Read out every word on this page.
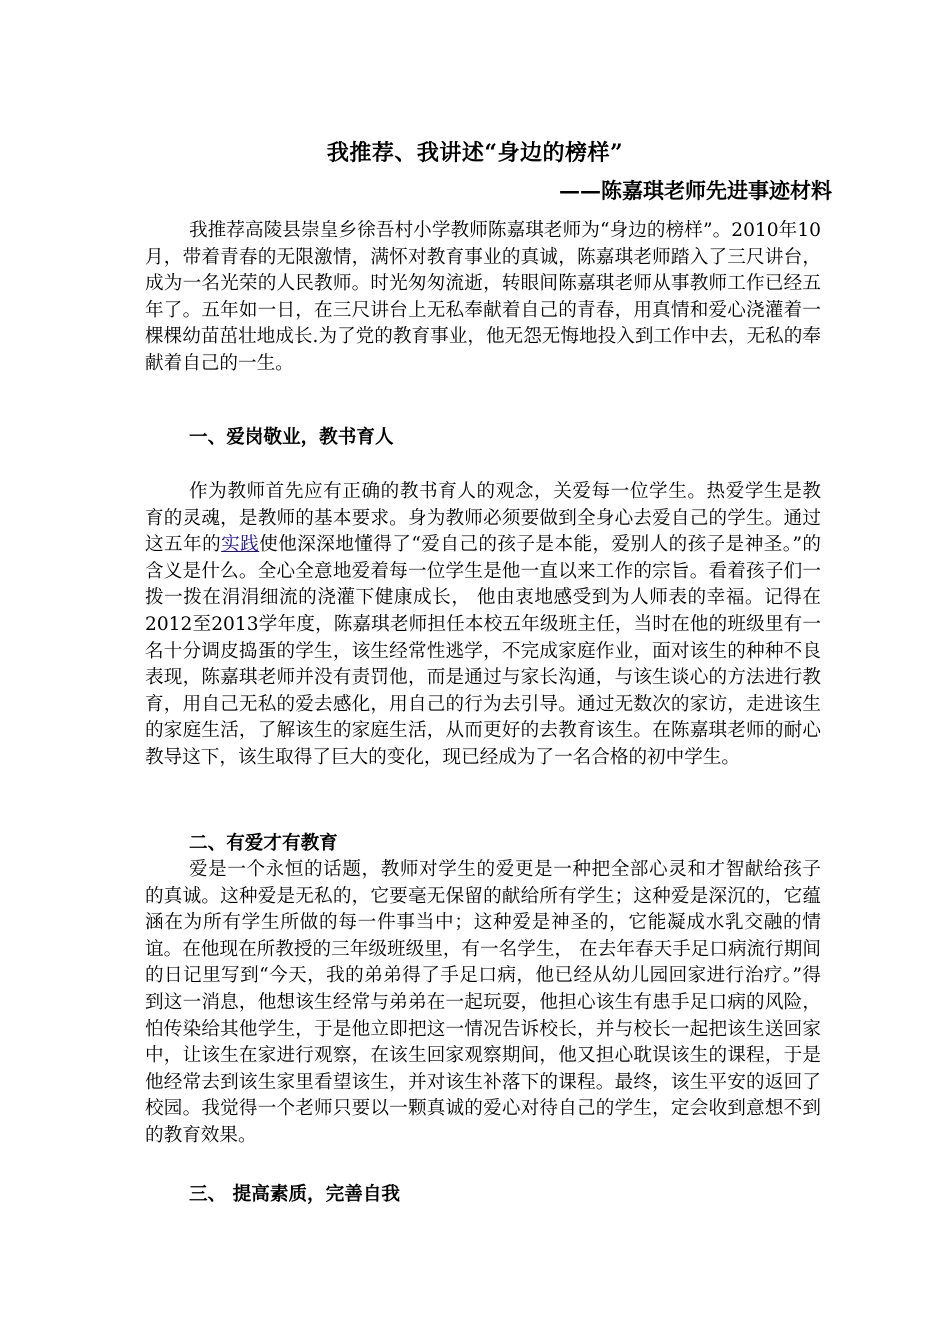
我推荐、我讲述“身边的榜样”
——陈嘉琪老师先进事迹材料

我推荐高陵县崇皇乡徐吾村小学教师陈嘉琪老师为“身边的榜样”。2010年10月，带着青春的无限激情，满怀对教育事业的真诚，陈嘉琪老师踏入了三尺讲台，成为一名光荣的人民教师。时光匆匆流逝，转眼间陈嘉琪老师从事教师工作已经五年了。五年如一日，在三尺讲台上无私奉献着自己的青春，用真情和爱心浇灌着一棵棵幼苗茁壮地成长.为了党的教育事业，他无怨无悔地投入到工作中去，无私的奉献着自己的一生。

一、爱岗敬业，教书育人

作为教师首先应有正确的教书育人的观念，关爱每一位学生。热爱学生是教育的灵魂，是教师的基本要求。身为教师必须要做到全身心去爱自己的学生。通过这五年的实践使他深深地懂得了“爱自己的孩子是本能，爱别人的孩子是神圣。”的含义是什么。全心全意地爱着每一位学生是他一直以来工作的宗旨。看着孩子们一拨一拨在涓涓细流的浇灌下健康成长， 他由衷地感受到为人师表的幸福。记得在2012至2013学年度，陈嘉琪老师担任本校五年级班主任，当时在他的班级里有一名十分调皮捣蛋的学生，该生经常性逃学，不完成家庭作业，面对该生的种种不良表现，陈嘉琪老师并没有责罚他，而是通过与家长沟通，与该生谈心的方法进行教育，用自己无私的爱去感化，用自己的行为去引导。通过无数次的家访，走进该生的家庭生活，了解该生的家庭生活，从而更好的去教育该生。在陈嘉琪老师的耐心教导这下，该生取得了巨大的变化，现已经成为了一名合格的初中学生。

二、有爱才有教育

爱是一个永恒的话题，教师对学生的爱更是一种把全部心灵和才智献给孩子的真诚。这种爱是无私的，它要毫无保留的献给所有学生；这种爱是深沉的，它蕴涵在为所有学生所做的每一件事当中；这种爱是神圣的，它能凝成水乳交融的情谊。在他现在所教授的三年级班级里，有一名学生， 在去年春天手足口病流行期间的日记里写到“今天，我的弟弟得了手足口病，他已经从幼儿园回家进行治疗。”得到这一消息，他想该生经常与弟弟在一起玩耍，他担心该生有患手足口病的风险，怕传染给其他学生，于是他立即把这一情况告诉校长，并与校长一起把该生送回家中，让该生在家进行观察，在该生回家观察期间，他又担心耽误该生的课程，于是他经常去到该生家里看望该生，并对该生补落下的课程。最终，该生平安的返回了校园。我觉得一个老师只要以一颗真诚的爱心对待自己的学生，定会收到意想不到的教育效果。

三、 提高素质，完善自我
